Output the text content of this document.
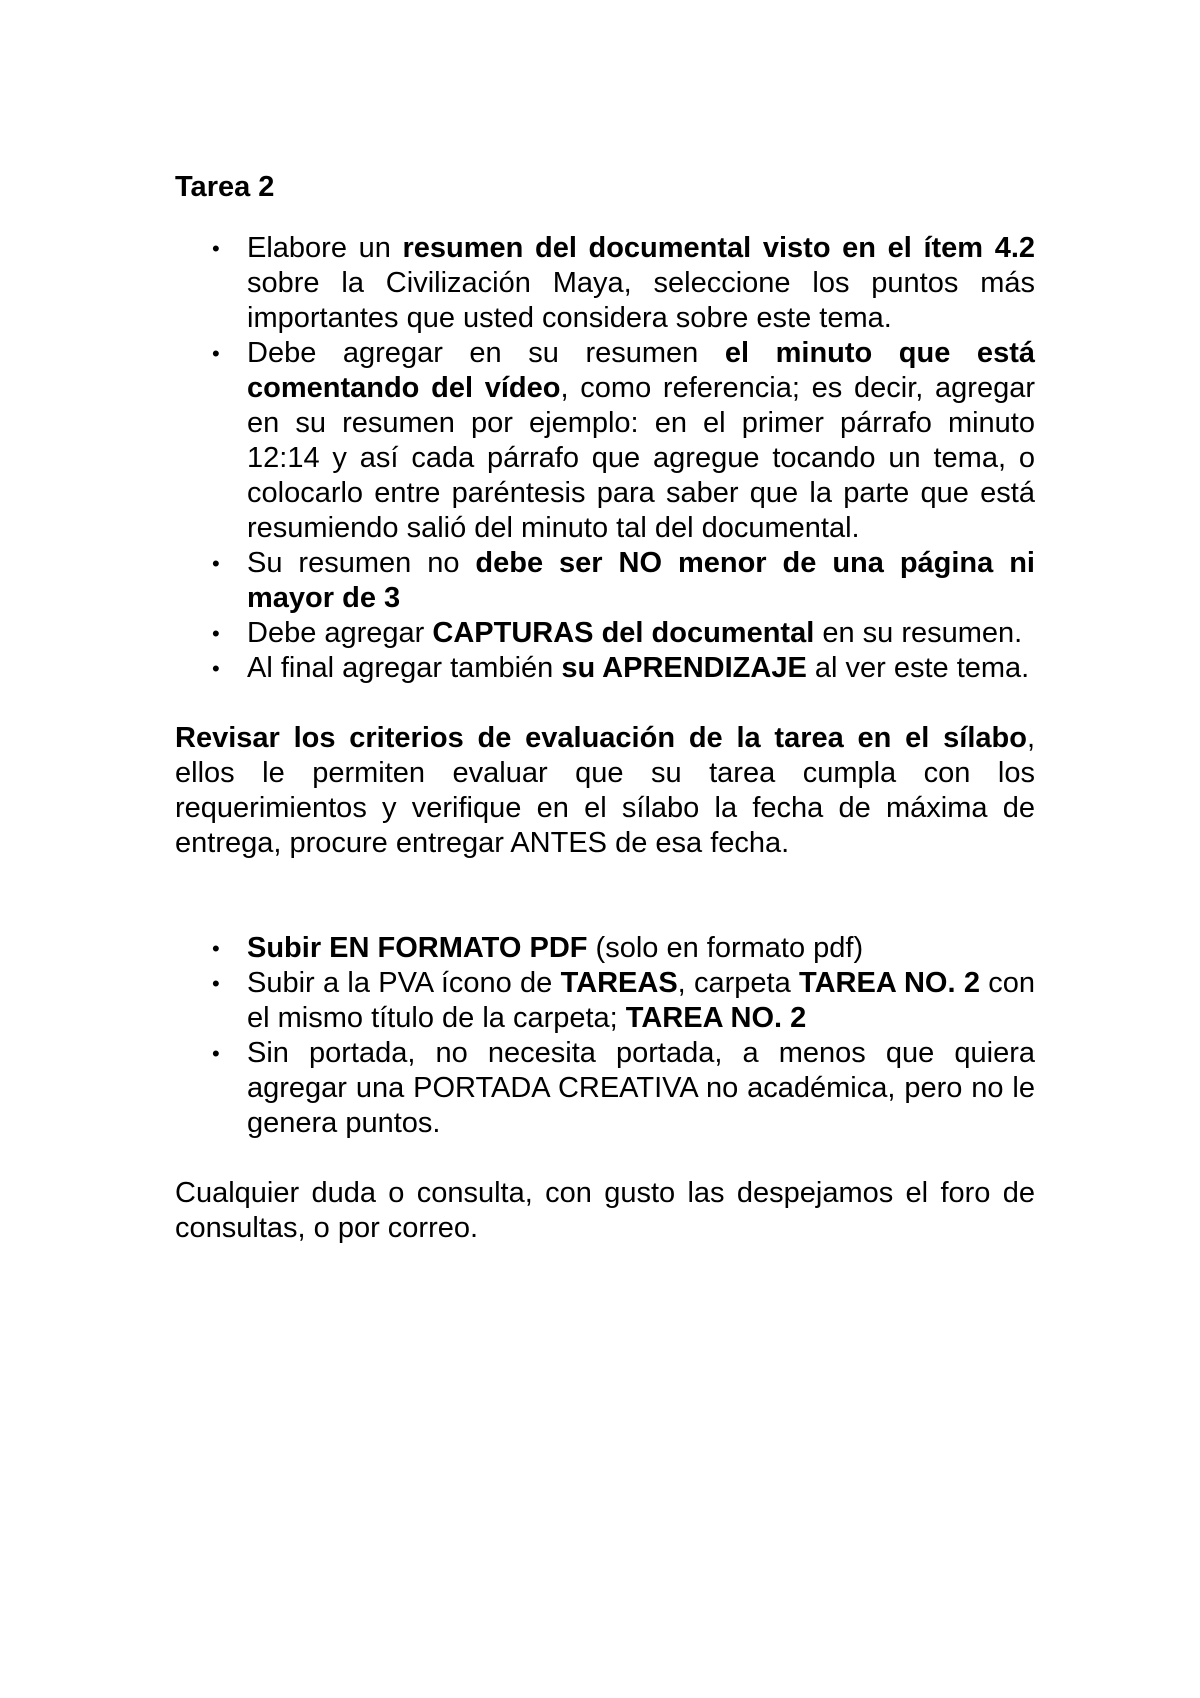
Tarea 2
• Elabore un resumen del documental visto en el ítem 4.2 sobre la Civilización Maya, seleccione los puntos más importantes que usted considera sobre este tema.
• Debe agregar en su resumen el minuto que está comentando del vídeo, como referencia; es decir, agregar en su resumen por ejemplo: en el primer párrafo minuto 12:14 y así cada párrafo que agregue tocando un tema, o colocarlo entre paréntesis para saber que la parte que está resumiendo salió del minuto tal del documental.
• Su resumen no debe ser NO menor de una página ni mayor de 3
• Debe agregar CAPTURAS del documental en su resumen.
• Al final agregar también su APRENDIZAJE al ver este tema.

Revisar los criterios de evaluación de la tarea en el sílabo, ellos le permiten evaluar que su tarea cumpla con los requerimientos y verifique en el sílabo la fecha de máxima de entrega, procure entregar ANTES de esa fecha.

• Subir EN FORMATO PDF (solo en formato pdf)
• Subir a la PVA ícono de TAREAS, carpeta TAREA NO. 2 con el mismo título de la carpeta; TAREA NO. 2
• Sin portada, no necesita portada, a menos que quiera agregar una PORTADA CREATIVA no académica, pero no le genera puntos.

Cualquier duda o consulta, con gusto las despejamos el foro de consultas, o por correo.
